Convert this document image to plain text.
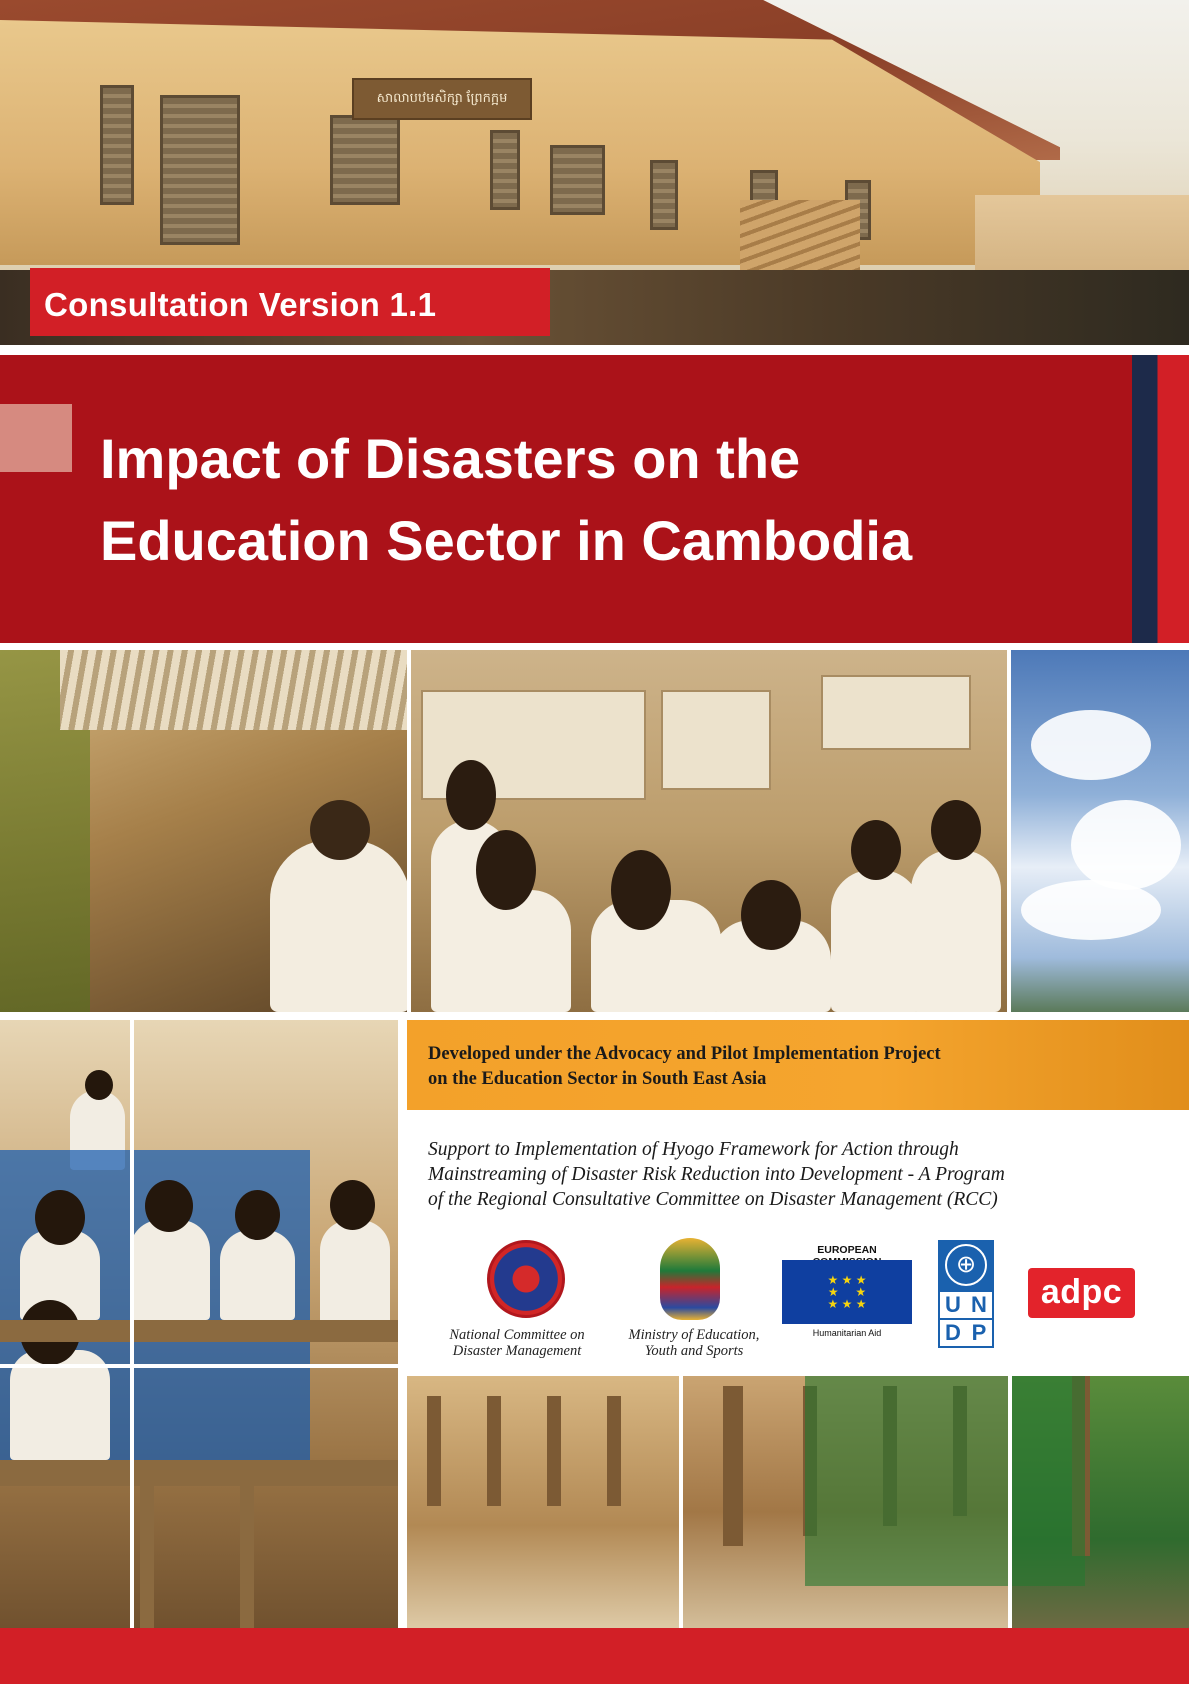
សាលាបឋមសិក្សា ព្រែកក្អម
Consultation Version 1.1
Impact of Disasters on the
Education Sector in Cambodia
Developed under the Advocacy and Pilot Implementation Project
on the Education Sector in South East Asia
Support to Implementation of Hyogo Framework for Action through
Mainstreaming of Disaster Risk Reduction into Development - A Program
of the Regional Consultative Committee on Disaster Management (RCC)
National Committee on
Disaster Management
Ministry of Education,
Youth and Sports
EUROPEAN
★ ★ ★
★     ★
★ ★ ★
Humanitarian Aid
⊕
U N
D P
adpc
